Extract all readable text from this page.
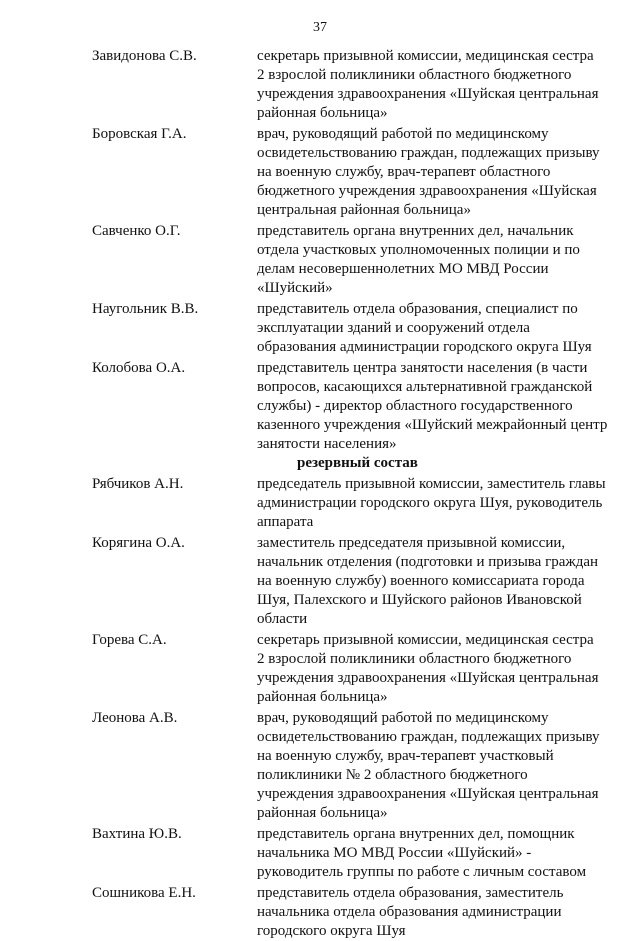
37
Завидонова С.В.	секретарь призывной комиссии, медицинская сестра
2 взрослой поликлиники областного бюджетного
учреждения здравоохранения «Шуйская центральная
районная больница»
Боровская Г.А.	врач, руководящий работой по медицинскому
освидетельствованию граждан, подлежащих призыву
на военную службу, врач-терапевт областного
бюджетного учреждения здравоохранения «Шуйская
центральная районная больница»
Савченко О.Г.	представитель органа внутренних дел, начальник
отдела участковых уполномоченных полиции и по
делам несовершеннолетних МО МВД России
«Шуйский»
Наугольник В.В.	представитель отдела образования, специалист по
эксплуатации зданий и сооружений отдела
образования администрации городского округа Шуя
Колобова О.А.	представитель центра занятости населения (в части
вопросов, касающихся альтернативной гражданской
службы) - директор областного государственного
казенного учреждения «Шуйский межрайонный центр
занятости населения»
резервный состав
Рябчиков А.Н.	председатель призывной комиссии, заместитель главы
администрации городского округа Шуя, руководитель
аппарата
Корягина О.А.	заместитель председателя призывной комиссии,
начальник отделения (подготовки и призыва граждан
на военную службу) военного комиссариата города
Шуя, Палехского и Шуйского районов Ивановской
области
Горева С.А.	секретарь призывной комиссии, медицинская сестра
2 взрослой поликлиники областного бюджетного
учреждения здравоохранения «Шуйская центральная
районная больница»
Леонова А.В.	врач, руководящий работой по медицинскому
освидетельствованию граждан, подлежащих призыву
на военную службу, врач-терапевт участковый
поликлиники № 2 областного бюджетного
учреждения здравоохранения «Шуйская центральная
районная больница»
Вахтина Ю.В.	представитель органа внутренних дел, помощник
начальника МО МВД России «Шуйский» -
руководитель группы по работе с личным составом
Сошникова Е.Н.	представитель отдела образования, заместитель
начальника отдела образования администрации
городского округа Шуя
